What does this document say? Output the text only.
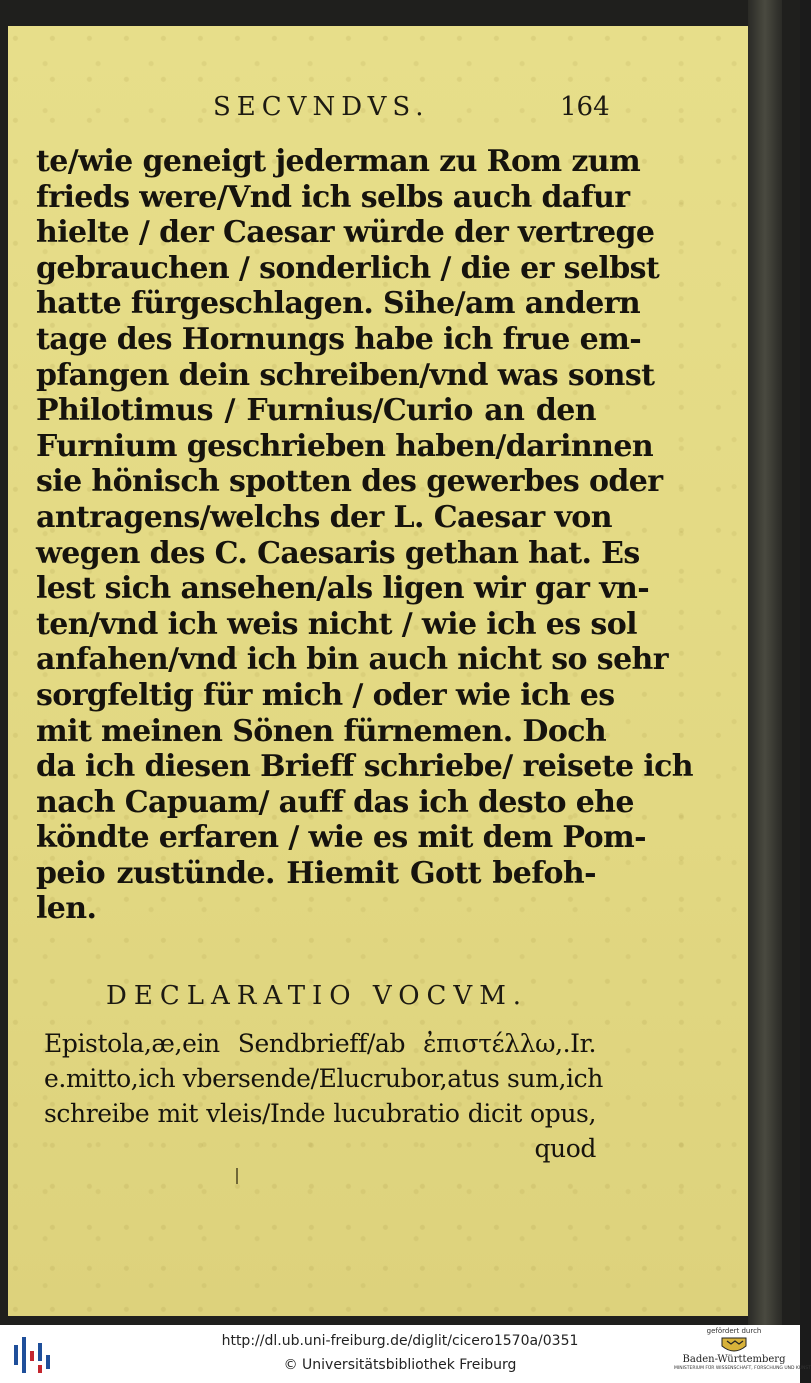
SECVNDVS.	164
te/wie geneigt jederman zu Rom zum
frieds were/Vnd ich selbs auch dafur
hielte / der Caesar würde der vertrege
gebrauchen / sonderlich / die er selbst
hatte fürgeschlagen. Sihe/am andern
tage des Hornungs habe ich frue em-
pfangen dein schreiben/vnd was sonst
Philotimus / Furnius/Curio an den
Furnium geschrieben haben/darinnen
sie hönisch spotten des gewerbes oder
antragens/welchs der L. Caesar von
wegen des C. Caesaris gethan hat. Es
lest sich ansehen/als ligen wir gar vn-
ten/vnd ich weis nicht / wie ich es sol
anfahen/vnd ich bin auch nicht so sehr
sorgfeltig für mich / oder wie ich es
mit meinen Sönen fürnemen. Doch
da ich diesen Brieff schriebe/ reisete ich
nach Capuam/ auff das ich desto ehe
köndte erfaren / wie es mit dem Pom-
peio zustünde. Hiemit Gott befoh-
len.
DECLARATIO VOCVM.
Epistola,æ,ein Sendbrieff/ab ἐπιστέλλω,.Ir.
e.mitto,ich vbersende/Elucrubor,atus sum,ich
schreibe mit vleis/Inde lucubratio dicit opus,
quod
http://dl.ub.uni-freiburg.de/diglit/cicero1570a/0351
© Universitätsbibliothek Freiburg
gefördert durch
Baden-Württemberg
MINISTERIUM FÜR WISSENSCHAFT, FORSCHUNG UND KUNST
